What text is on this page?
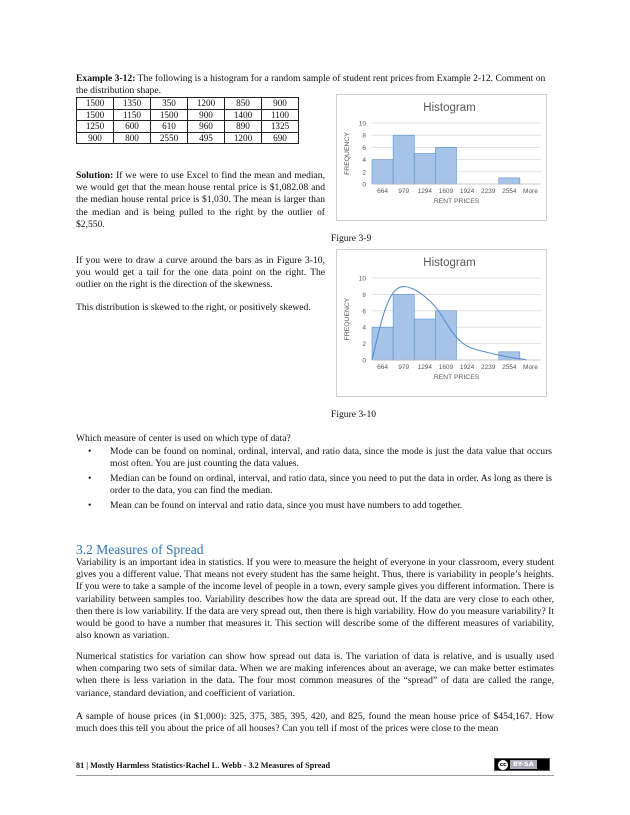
Example 3-12: The following is a histogram for a random sample of student rent prices from Example 2-12. Comment on the distribution shape.
1500	1350	350	1200	850	900
1500	1150	1500	900	1400	1100
1250	600	610	960	890	1325
900	800	2550	495	1200	690
Solution: If we were to use Excel to find the mean and median, we would get that the mean house rental price is $1,082.08 and the median house rental price is $1,030. The mean is larger than the median and is being pulled to the right by the outlier of $2,550.
Histogram
0
2
4
6
8
10
664 979 1294 1609 1924 2239 2554 More
RENT PRICES
FREQUENCY
Figure 3-9
If you were to draw a curve around the bars as in Figure 3-10, you would get a tail for the one data point on the right. The outlier on the right is the direction of the skewness.
This distribution is skewed to the right, or positively skewed.
Histogram
0
2
4
6
8
10
664 979 1294 1609 1924 2239 2554 More
RENT PRICES
FREQUENCY
Figure 3-10
Which measure of center is used on which type of data?
• Mode can be found on nominal, ordinal, interval, and ratio data, since the mode is just the data value that occurs most often. You are just counting the data values.
• Median can be found on ordinal, interval, and ratio data, since you need to put the data in order. As long as there is order to the data, you can find the median.
• Mean can be found on interval and ratio data, since you must have numbers to add together.
3.2 Measures of Spread
Variability is an important idea in statistics. If you were to measure the height of everyone in your classroom, every student gives you a different value. That means not every student has the same height. Thus, there is variability in people’s heights. If you were to take a sample of the income level of people in a town, every sample gives you different information. There is variability between samples too. Variability describes how the data are spread out. If the data are very close to each other, then there is low variability. If the data are very spread out, then there is high variability. How do you measure variability? It would be good to have a number that measures it. This section will describe some of the different measures of variability, also known as variation.
Numerical statistics for variation can show how spread out data is. The variation of data is relative, and is usually used when comparing two sets of similar data. When we are making inferences about an average, we can make better estimates when there is less variation in the data. The four most common measures of the “spread” of data are called the range, variance, standard deviation, and coefficient of variation.
A sample of house prices (in $1,000): 325, 375, 385, 395, 420, and 825, found the mean house price of $454,167. How much does this tell you about the price of all houses? Can you tell if most of the prices were close to the mean
81 | Mostly Harmless Statistics-Rachel L. Webb - 3.2 Measures of Spread	cc	BY-SA
